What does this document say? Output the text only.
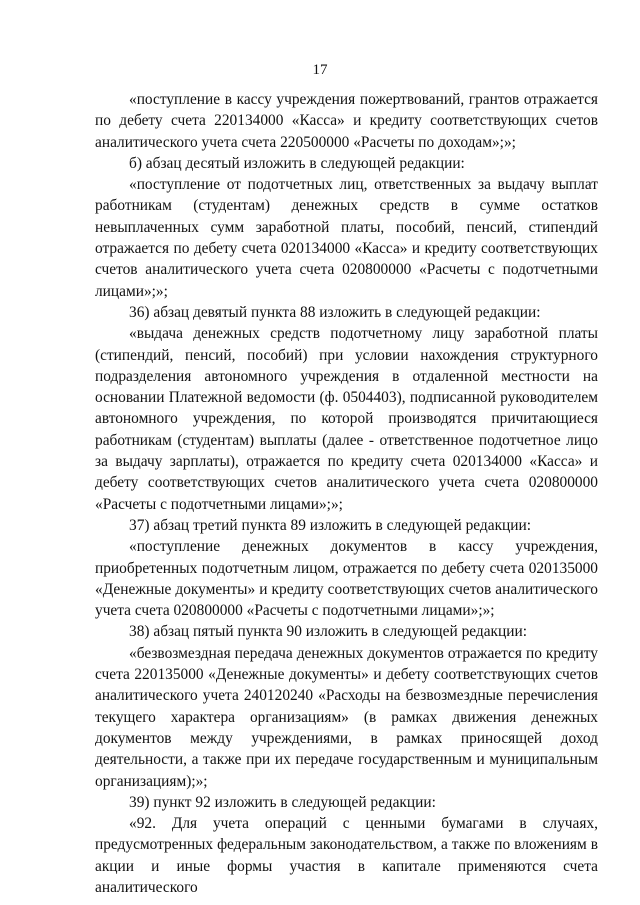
17

«поступление в кассу учреждения пожертвований, грантов отражается по дебету счета 220134000 «Касса» и кредиту соответствующих счетов аналитического учета счета 220500000 «Расчеты по доходам»;»;

б) абзац десятый изложить в следующей редакции:

«поступление от подотчетных лиц, ответственных за выдачу выплат работникам (студентам) денежных средств в сумме остатков невыплаченных сумм заработной платы, пособий, пенсий, стипендий отражается по дебету счета 020134000 «Касса» и кредиту соответствующих счетов аналитического учета счета 020800000 «Расчеты с подотчетными лицами»;»;

36) абзац девятый пункта 88 изложить в следующей редакции:

«выдача денежных средств подотчетному лицу заработной платы (стипендий, пенсий, пособий) при условии нахождения структурного подразделения автономного учреждения в отдаленной местности на основании Платежной ведомости (ф. 0504403), подписанной руководителем автономного учреждения, по которой производятся причитающиеся работникам (студентам) выплаты (далее - ответственное подотчетное лицо за выдачу зарплаты), отражается по кредиту счета 020134000 «Касса» и дебету соответствующих счетов аналитического учета счета 020800000 «Расчеты с подотчетными лицами»;»;

37) абзац третий пункта 89 изложить в следующей редакции:

«поступление денежных документов в кассу учреждения, приобретенных подотчетным лицом, отражается по дебету счета 020135000 «Денежные документы» и кредиту соответствующих счетов аналитического учета счета 020800000 «Расчеты с подотчетными лицами»;»;

38) абзац пятый пункта 90 изложить в следующей редакции:

«безвозмездная передача денежных документов отражается по кредиту счета 220135000 «Денежные документы» и дебету соответствующих счетов аналитического учета 240120240 «Расходы на безвозмездные перечисления текущего характера организациям» (в рамках движения денежных документов между учреждениями, в рамках приносящей доход деятельности, а также при их передаче государственным и муниципальным организациям);»;

39) пункт 92 изложить в следующей редакции:

«92. Для учета операций с ценными бумагами в случаях, предусмотренных федеральным законодательством, а также по вложениям в акции и иные формы участия в капитале применяются счета аналитического
